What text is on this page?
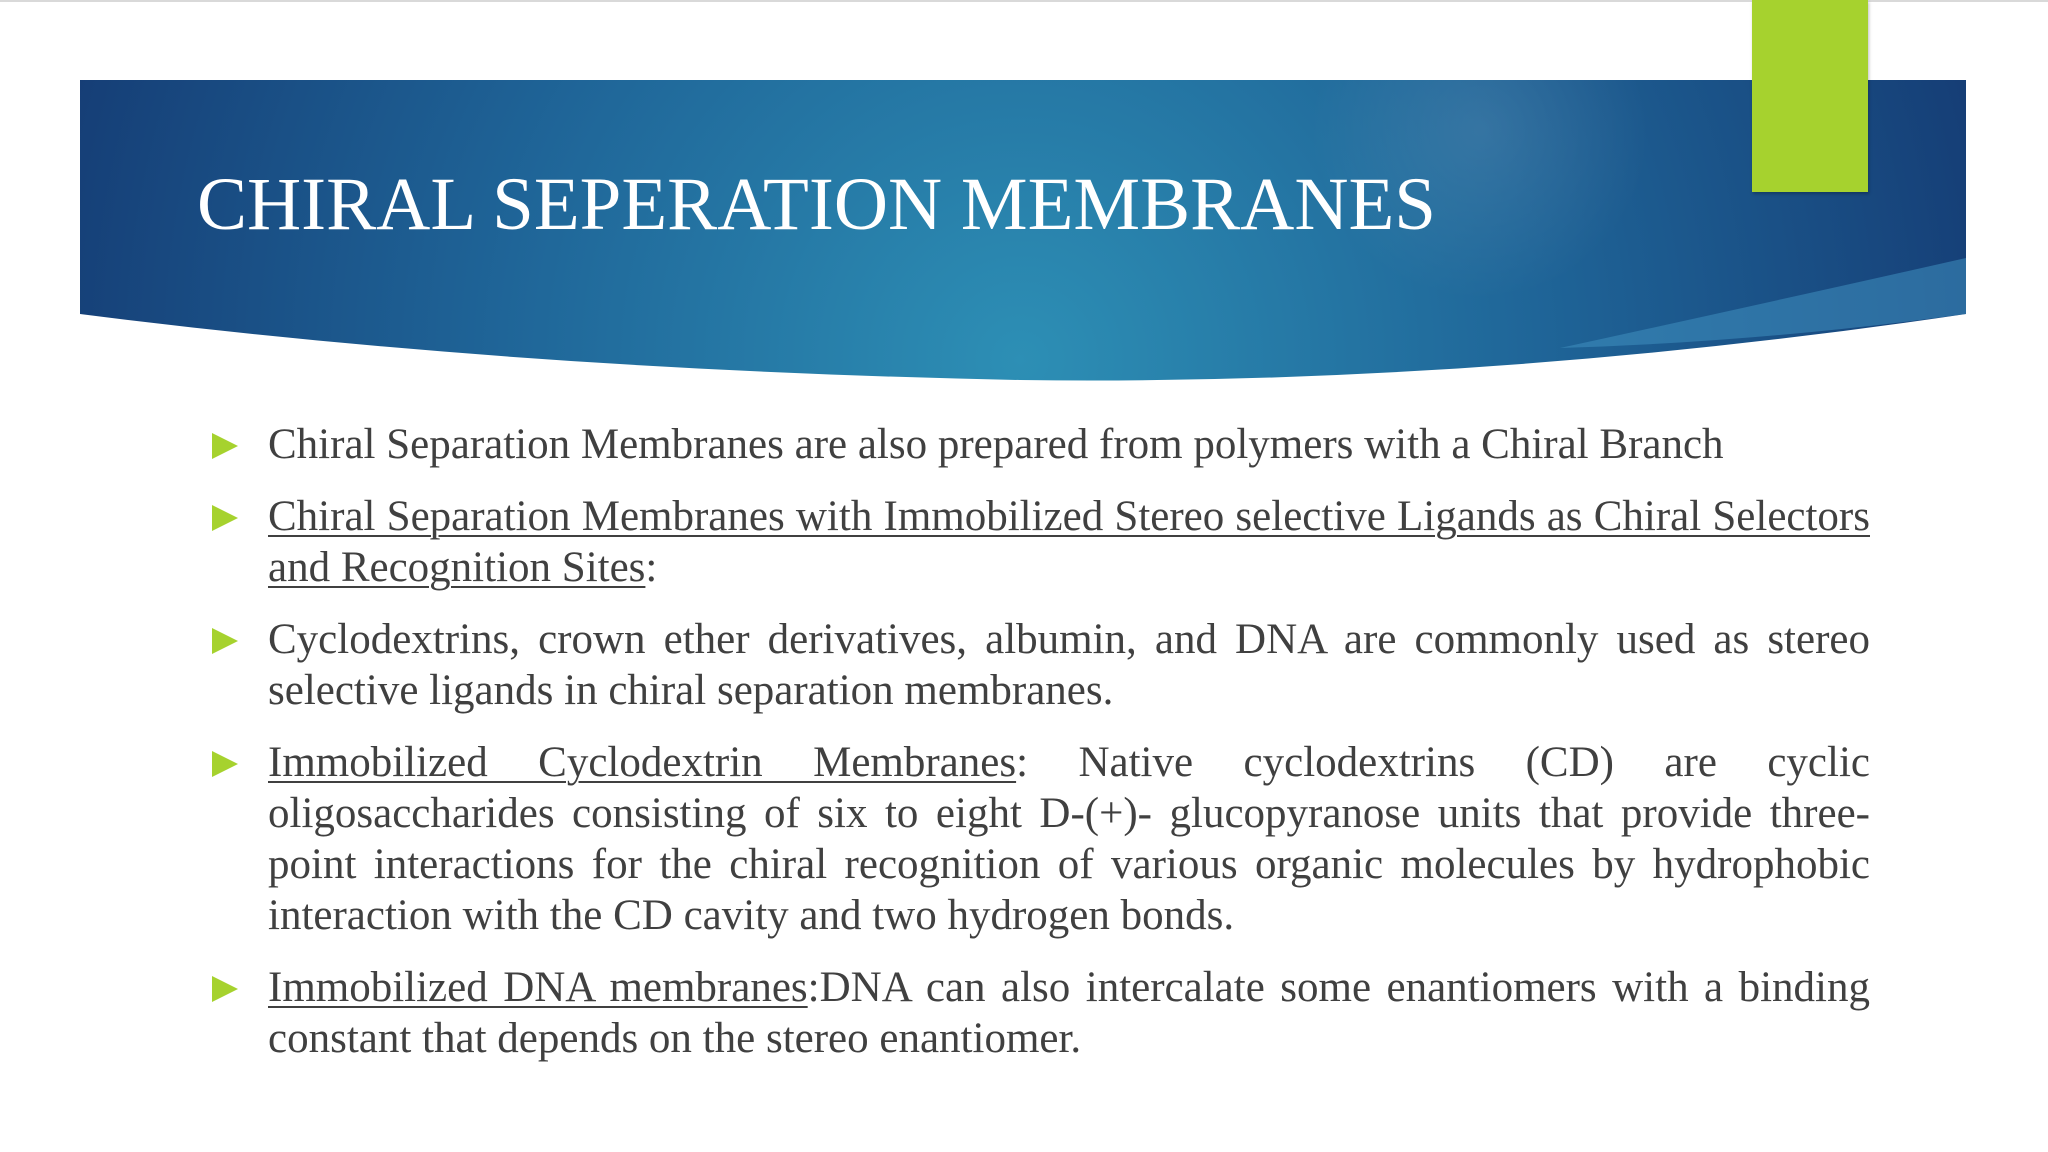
CHIRAL SEPERATION MEMBRANES
Chiral Separation Membranes are also prepared from polymers with a Chiral Branch
Chiral Separation Membranes with Immobilized Stereo selective Ligands as Chiral Selectors and Recognition Sites:
Cyclodextrins, crown ether derivatives, albumin, and DNA are commonly used as stereo selective ligands in chiral separation membranes.
Immobilized Cyclodextrin Membranes: Native cyclodextrins (CD) are cyclic oligosaccharides consisting of six to eight D-(+)- glucopyranose units that provide three-point interactions for the chiral recognition of various organic molecules by hydrophobic interaction with the CD cavity and two hydrogen bonds.
Immobilized DNA membranes:DNA can also intercalate some enantiomers with a binding constant that depends on the stereo enantiomer.
